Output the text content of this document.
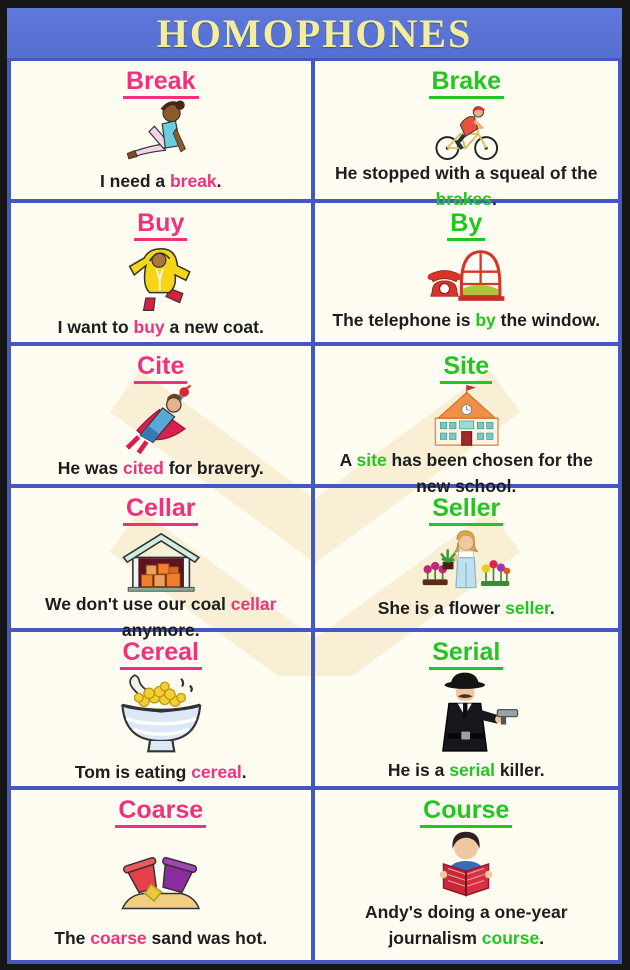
HOMOPHONES
Break

I need a break.

Brake

He stopped with a squeal of the brakes.

Buy

I want to buy a new coat.

By

The telephone is by the window.

Cite

He was cited for bravery.

Site

A site has been chosen for the new school.

Cellar

We don't use our coal cellar anymore.

Seller

She is a flower seller.

Cereal

Tom is eating cereal.

Serial

He is a serial killer.

Coarse

The coarse sand was hot.

Course

Andy's doing a one-year journalism course.
